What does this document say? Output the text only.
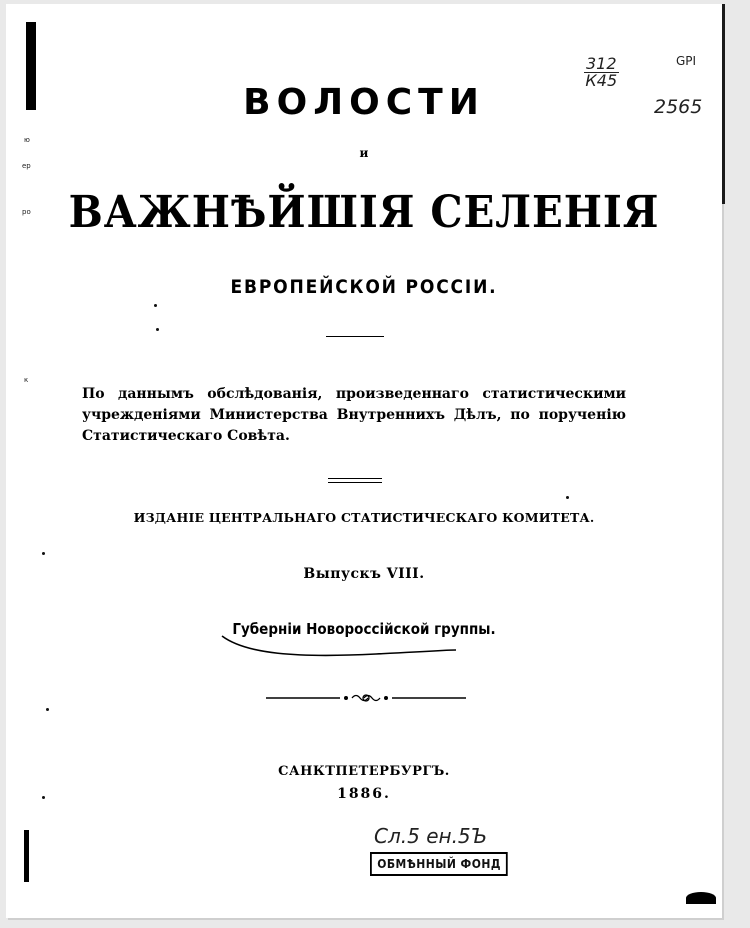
ю
ер
ро
к
ВОЛОСТИ
и
ВАЖНѢЙШІЯ СЕЛЕНІЯ
ЕВРОПЕЙСКОЙ РОССІИ.
По даннымъ обслѣдованія, произведеннаго статистическими учрежденіями Министерства Внутреннихъ Дѣлъ, по порученію Статистическаго Совѣта.
ИЗДАНІЕ ЦЕНТРАЛЬНАГО СТАТИСТИЧЕСКАГО КОМИТЕТА.
Выпускъ VIII.
Губерніи Новороссійской группы.
САНКТПЕТЕРБУРГЪ.
1886.
312
К45
GPI
2565
Сл.5 ен.5Ъ
ОБМѢННЫЙ ФОНД
